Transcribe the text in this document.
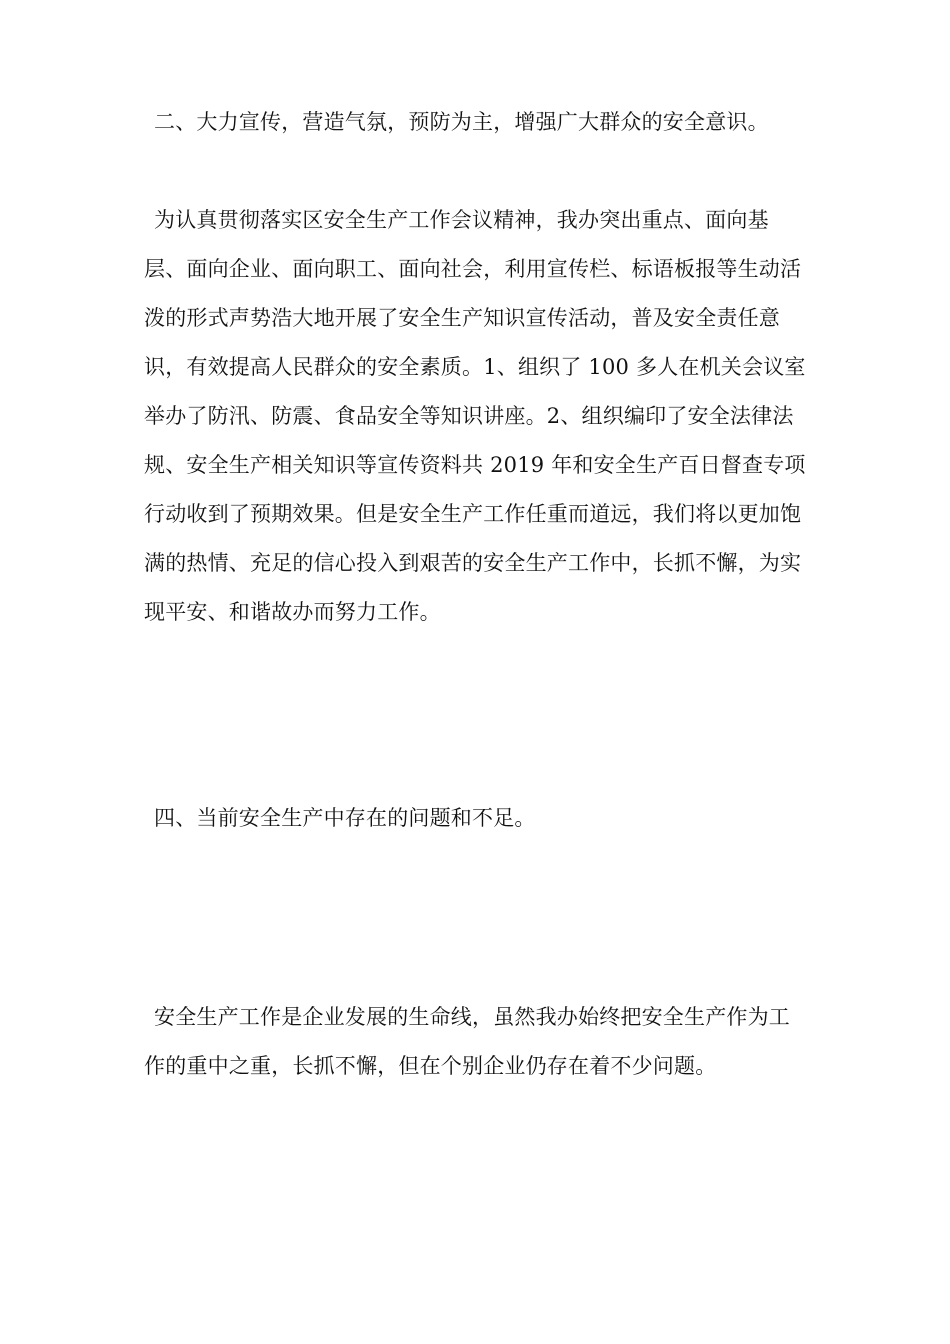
二、大力宣传，营造气氛，预防为主，增强广大群众的安全意识。

为认真贯彻落实区安全生产工作会议精神，我办突出重点、面向基层、面向企业、面向职工、面向社会，利用宣传栏、标语板报等生动活泼的形式声势浩大地开展了安全生产知识宣传活动，普及安全责任意识，有效提高人民群众的安全素质。1、组织了 100 多人在机关会议室举办了防汛、防震、食品安全等知识讲座。2、组织编印了安全法律法规、安全生产相关知识等宣传资料共 2019 年和安全生产百日督查专项行动收到了预期效果。但是安全生产工作任重而道远，我们将以更加饱满的热情、充足的信心投入到艰苦的安全生产工作中，长抓不懈，为实现平安、和谐故办而努力工作。

四、当前安全生产中存在的问题和不足。

安全生产工作是企业发展的生命线，虽然我办始终把安全生产作为工作的重中之重，长抓不懈，但在个别企业仍存在着不少问题。
